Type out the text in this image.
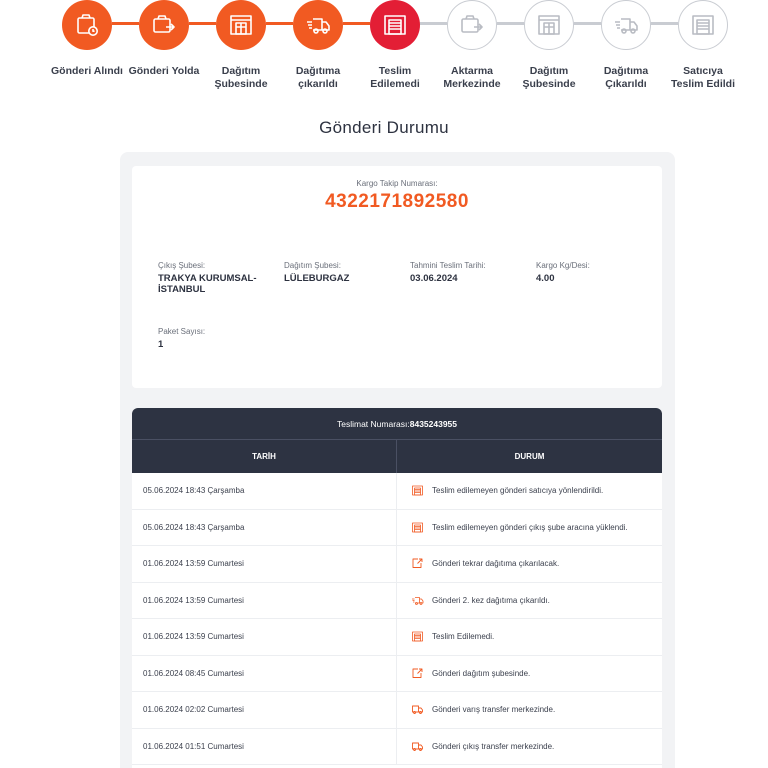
Gönderi Alındı Gönderi Yolda	Dağıtım
Şubesinde
Dağıtıma
çıkarıldı
Teslim
Edilemedi
Aktarma
Merkezinde
Dağıtım
Şubesinde
Dağıtıma
Çıkarıldı
Satıcıya
Teslim Edildi
Gönderi Durumu
Kargo Takip Numarası:
4322171892580
Çıkış Şubesi:
TRAKYA KURUMSAL-
İSTANBUL
Dağıtım Şubesi:
LÜLEBURGAZ
Tahmini Teslim Tarihi:
03.06.2024
Kargo Kg/Desi:
4.00
Paket Sayısı:
1
Teslimat Numarası:8435243955
TARİH	DURUM
05.06.2024 18:43 Çarşamba	Teslim edilemeyen gönderi satıcıya yönlendirildi.
05.06.2024 18:43 Çarşamba	Teslim edilemeyen gönderi çıkış şube aracına yüklendi.
01.06.2024 13:59 Cumartesi	Gönderi tekrar dağıtıma çıkarılacak.
01.06.2024 13:59 Cumartesi	Gönderi 2. kez dağıtıma çıkarıldı.
01.06.2024 13:59 Cumartesi	Teslim Edilemedi.
01.06.2024 08:45 Cumartesi	Gönderi dağıtım şubesinde.
01.06.2024 02:02 Cumartesi	Gönderi varış transfer merkezinde.
01.06.2024 01:51 Cumartesi	Gönderi çıkış transfer merkezinde.
